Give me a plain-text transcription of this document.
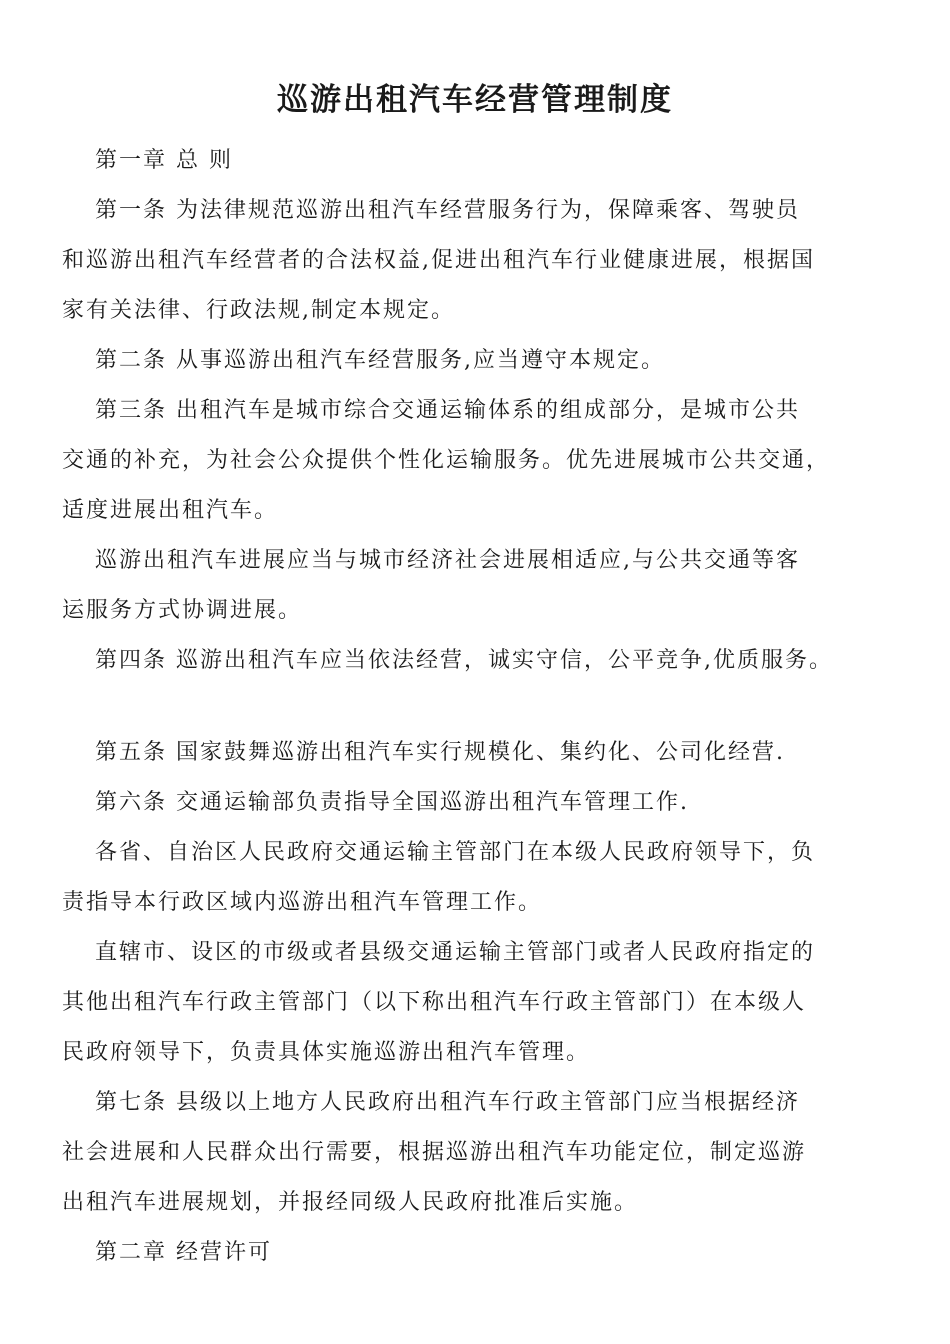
巡游出租汽车经营管理制度

第一章 总 则

第一条 为法律规范巡游出租汽车经营服务行为，保障乘客、驾驶员
和巡游出租汽车经营者的合法权益,促进出租汽车行业健康进展，根据国
家有关法律、行政法规,制定本规定。

第二条 从事巡游出租汽车经营服务,应当遵守本规定。

第三条 出租汽车是城市综合交通运输体系的组成部分，是城市公共
交通的补充，为社会公众提供个性化运输服务。优先进展城市公共交通，
适度进展出租汽车。

巡游出租汽车进展应当与城市经济社会进展相适应,与公共交通等客
运服务方式协调进展。

第四条 巡游出租汽车应当依法经营，诚实守信，公平竞争,优质服务。

第五条 国家鼓舞巡游出租汽车实行规模化、集约化、公司化经营.

第六条 交通运输部负责指导全国巡游出租汽车管理工作.

各省、自治区人民政府交通运输主管部门在本级人民政府领导下，负
责指导本行政区域内巡游出租汽车管理工作。

直辖市、设区的市级或者县级交通运输主管部门或者人民政府指定的
其他出租汽车行政主管部门（以下称出租汽车行政主管部门）在本级人
民政府领导下，负责具体实施巡游出租汽车管理。

第七条 县级以上地方人民政府出租汽车行政主管部门应当根据经济
社会进展和人民群众出行需要，根据巡游出租汽车功能定位，制定巡游
出租汽车进展规划，并报经同级人民政府批准后实施。

第二章 经营许可
